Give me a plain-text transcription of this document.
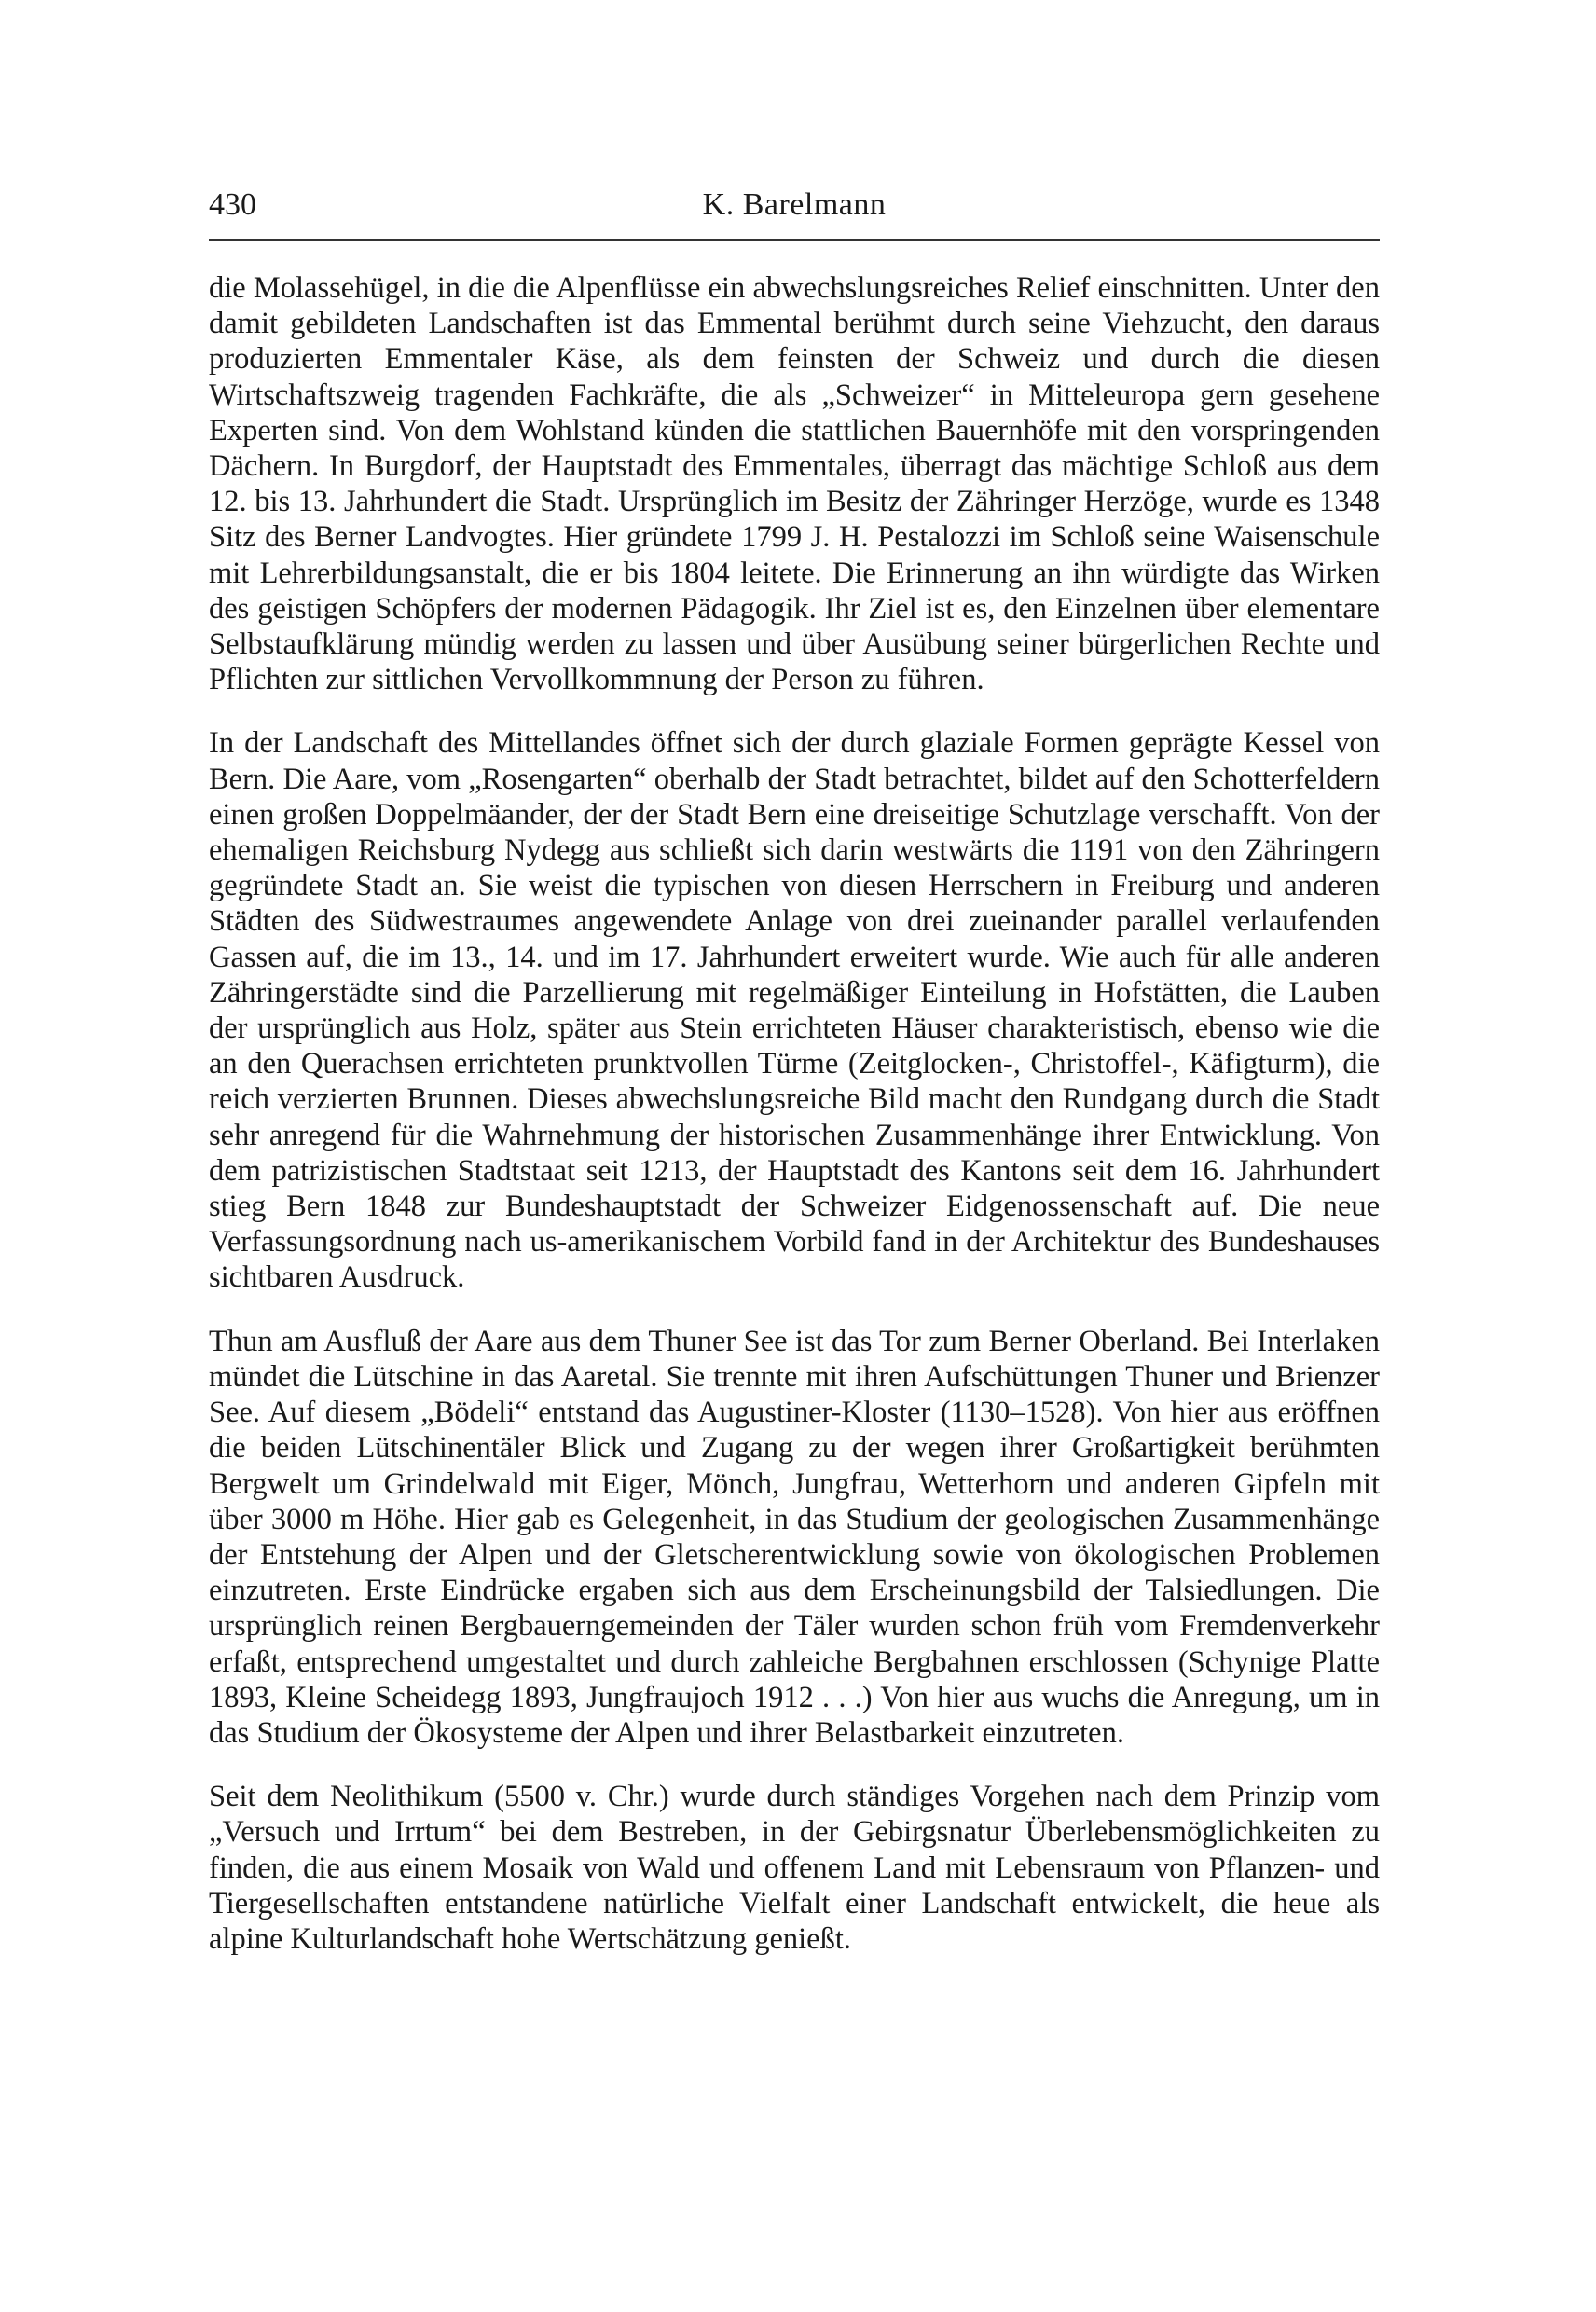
430	K. Barelmann

die Molassehügel, in die die Alpenflüsse ein abwechslungsreiches Relief einschnitten. Unter den damit gebildeten Landschaften ist das Emmental berühmt durch seine Viehzucht, den daraus produzierten Emmentaler Käse, als dem feinsten der Schweiz und durch die diesen Wirtschaftszweig tragenden Fachkräfte, die als „Schweizer“ in Mitteleuropa gern gesehene Experten sind. Von dem Wohlstand künden die stattlichen Bauernhöfe mit den vorspringenden Dächern. In Burgdorf, der Hauptstadt des Emmentales, überragt das mächtige Schloß aus dem 12. bis 13. Jahrhundert die Stadt. Ursprünglich im Besitz der Zähringer Herzöge, wurde es 1348 Sitz des Berner Landvogtes. Hier gründete 1799 J. H. Pestalozzi im Schloß seine Waisenschule mit Lehrerbildungsanstalt, die er bis 1804 leitete. Die Erinnerung an ihn würdigte das Wirken des geistigen Schöpfers der modernen Pädagogik. Ihr Ziel ist es, den Einzelnen über elementare Selbstaufklärung mündig werden zu lassen und über Ausübung seiner bürgerlichen Rechte und Pflichten zur sittlichen Vervollkommnung der Person zu führen.

In der Landschaft des Mittellandes öffnet sich der durch glaziale Formen geprägte Kessel von Bern. Die Aare, vom „Rosengarten“ oberhalb der Stadt betrachtet, bildet auf den Schotterfeldern einen großen Doppelmäander, der der Stadt Bern eine dreiseitige Schutzlage verschafft. Von der ehemaligen Reichsburg Nydegg aus schließt sich darin westwärts die 1191 von den Zähringern gegründete Stadt an. Sie weist die typischen von diesen Herrschern in Freiburg und anderen Städten des Südwestraumes angewendete Anlage von drei zueinander parallel verlaufenden Gassen auf, die im 13., 14. und im 17. Jahrhundert erweitert wurde. Wie auch für alle anderen Zähringerstädte sind die Parzellierung mit regelmäßiger Einteilung in Hofstätten, die Lauben der ursprünglich aus Holz, später aus Stein errichteten Häuser charakteristisch, ebenso wie die an den Querachsen errichteten prunktvollen Türme (Zeitglocken-, Christoffel-, Käfigturm), die reich verzierten Brunnen. Dieses abwechslungsreiche Bild macht den Rundgang durch die Stadt sehr anregend für die Wahrnehmung der historischen Zusammenhänge ihrer Entwicklung. Von dem patrizistischen Stadtstaat seit 1213, der Hauptstadt des Kantons seit dem 16. Jahrhundert stieg Bern 1848 zur Bundeshauptstadt der Schweizer Eidgenossenschaft auf. Die neue Verfassungsordnung nach us-amerikanischem Vorbild fand in der Architektur des Bundeshauses sichtbaren Ausdruck.

Thun am Ausfluß der Aare aus dem Thuner See ist das Tor zum Berner Oberland. Bei Interlaken mündet die Lütschine in das Aaretal. Sie trennte mit ihren Aufschüttungen Thuner und Brienzer See. Auf diesem „Bödeli“ entstand das Augustiner-Kloster (1130–1528). Von hier aus eröffnen die beiden Lütschinentäler Blick und Zugang zu der wegen ihrer Großartigkeit berühmten Bergwelt um Grindelwald mit Eiger, Mönch, Jungfrau, Wetterhorn und anderen Gipfeln mit über 3000 m Höhe. Hier gab es Gelegenheit, in das Studium der geologischen Zusammenhänge der Entstehung der Alpen und der Gletscherentwicklung sowie von ökologischen Problemen einzutreten. Erste Eindrücke ergaben sich aus dem Erscheinungsbild der Talsiedlungen. Die ursprünglich reinen Bergbauerngemeinden der Täler wurden schon früh vom Fremdenverkehr erfaßt, entsprechend umgestaltet und durch zahleiche Bergbahnen erschlossen (Schynige Platte 1893, Kleine Scheidegg 1893, Jungfraujoch 1912 . . .) Von hier aus wuchs die Anregung, um in das Studium der Ökosysteme der Alpen und ihrer Belastbarkeit einzutreten.

Seit dem Neolithikum (5500 v. Chr.) wurde durch ständiges Vorgehen nach dem Prinzip vom „Versuch und Irrtum“ bei dem Bestreben, in der Gebirgsnatur Überlebensmöglichkeiten zu finden, die aus einem Mosaik von Wald und offenem Land mit Lebensraum von Pflanzen- und Tiergesellschaften entstandene natürliche Vielfalt einer Landschaft entwickelt, die heue als alpine Kulturlandschaft hohe Wertschätzung genießt.
